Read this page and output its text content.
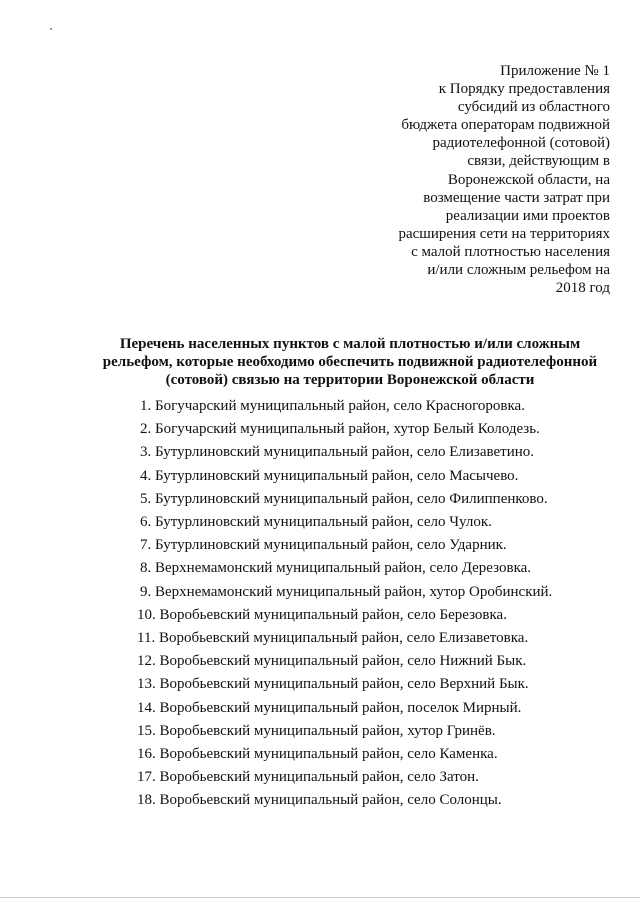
Приложение № 1
к Порядку предоставления
субсидий из областного
бюджета операторам подвижной
радиотелефонной (сотовой)
связи, действующим в
Воронежской области, на
возмещение части затрат при
реализации ими проектов
расширения сети на территориях
с малой плотностью населения
и/или сложным рельефом на
2018 год
Перечень населенных пунктов с малой плотностью и/или сложным
рельефом, которые необходимо обеспечить подвижной радиотелефонной
(сотовой) связью на территории Воронежской области
1. Богучарский муниципальный район, село Красногоровка.
2. Богучарский муниципальный район, хутор Белый Колодезь.
3. Бутурлиновский муниципальный район, село Елизаветино.
4. Бутурлиновский муниципальный район, село Масычево.
5. Бутурлиновский муниципальный район, село Филиппенково.
6. Бутурлиновский муниципальный район, село Чулок.
7. Бутурлиновский муниципальный район, село Ударник.
8. Верхнемамонский муниципальный район, село Дерезовка.
9. Верхнемамонский муниципальный район, хутор Оробинский.
10. Воробьевский муниципальный район, село Березовка.
11. Воробьевский муниципальный район, село Елизаветовка.
12. Воробьевский муниципальный район, село Нижний Бык.
13. Воробьевский муниципальный район, село Верхний Бык.
14. Воробьевский муниципальный район, поселок Мирный.
15. Воробьевский муниципальный район, хутор Гринёв.
16. Воробьевский муниципальный район, село Каменка.
17. Воробьевский муниципальный район, село Затон.
18. Воробьевский муниципальный район, село Солонцы.
